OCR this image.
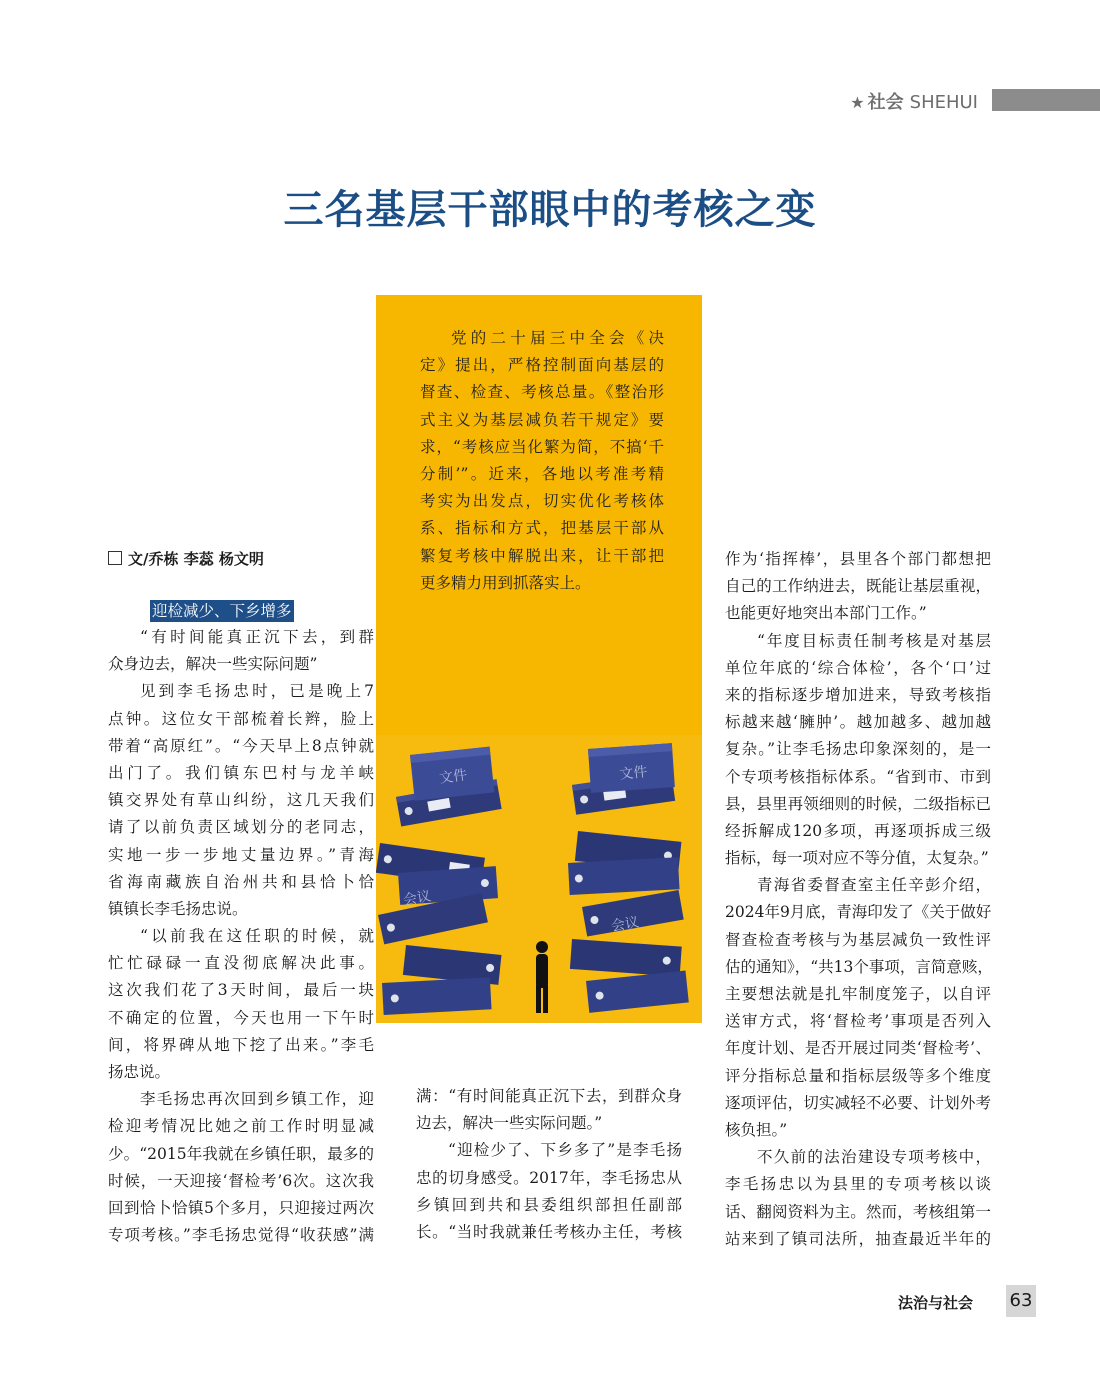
★ 社会 SHEHUI
三名基层干部眼中的考核之变
党的二十届三中全会《决
定》提出，严格控制面向基层的
督查、检查、考核总量。《整治形
式主义为基层减负若干规定》要
求，“考核应当化繁为简，不搞‘千
分制’”。近来，各地以考准考精
考实为出发点，切实优化考核体
系、指标和方式，把基层干部从
繁复考核中解脱出来，让干部把
更多精力用到抓落实上。
文件
会议
文件
会议
文/乔栋 李蕊 杨文明
迎检减少、下乡增多
“有时间能真正沉下去，到群
众身边去，解决一些实际问题”
见到李毛扬忠时，已是晚上7
点钟。这位女干部梳着长辫，脸上
带着“高原红”。“今天早上8点钟就
出门了。我们镇东巴村与龙羊峡
镇交界处有草山纠纷，这几天我们
请了以前负责区域划分的老同志，
实地一步一步地丈量边界。”青海
省海南藏族自治州共和县恰卜恰
镇镇长李毛扬忠说。
“以前我在这任职的时候，就
忙忙碌碌一直没彻底解决此事。
这次我们花了3天时间，最后一块
不确定的位置，今天也用一下午时
间，将界碑从地下挖了出来。”李毛
扬忠说。
李毛扬忠再次回到乡镇工作，迎
检迎考情况比她之前工作时明显减
少。“2015年我就在乡镇任职，最多的
时候，一天迎接‘督检考’6次。这次我
回到恰卜恰镇5个多月，只迎接过两次
专项考核。”李毛扬忠觉得“收获感”满
满：“有时间能真正沉下去，到群众身
边去，解决一些实际问题。”
“迎检少了、下乡多了”是李毛扬
忠的切身感受。2017年，李毛扬忠从
乡镇回到共和县委组织部担任副部
长。“当时我就兼任考核办主任，考核
作为‘指挥棒’，县里各个部门都想把
自己的工作纳进去，既能让基层重视，
也能更好地突出本部门工作。”
“年度目标责任制考核是对基层
单位年底的‘综合体检’，各个‘口’过
来的指标逐步增加进来，导致考核指
标越来越‘臃肿’。越加越多、越加越
复杂。”让李毛扬忠印象深刻的，是一
个专项考核指标体系。“省到市、市到
县，县里再领细则的时候，二级指标已
经拆解成120多项，再逐项拆成三级
指标，每一项对应不等分值，太复杂。”
青海省委督查室主任辛彭介绍，
2024年9月底，青海印发了《关于做好
督查检查考核与为基层减负一致性评
估的通知》，“共13个事项，言简意赅，
主要想法就是扎牢制度笼子，以自评
送审方式，将‘督检考’事项是否列入
年度计划、是否开展过同类‘督检考’、
评分指标总量和指标层级等多个维度
逐项评估，切实减轻不必要、计划外考
核负担。”
不久前的法治建设专项考核中，
李毛扬忠以为县里的专项考核以谈
话、翻阅资料为主。然而，考核组第一
站来到了镇司法所，抽查最近半年的
法治与社会 63
